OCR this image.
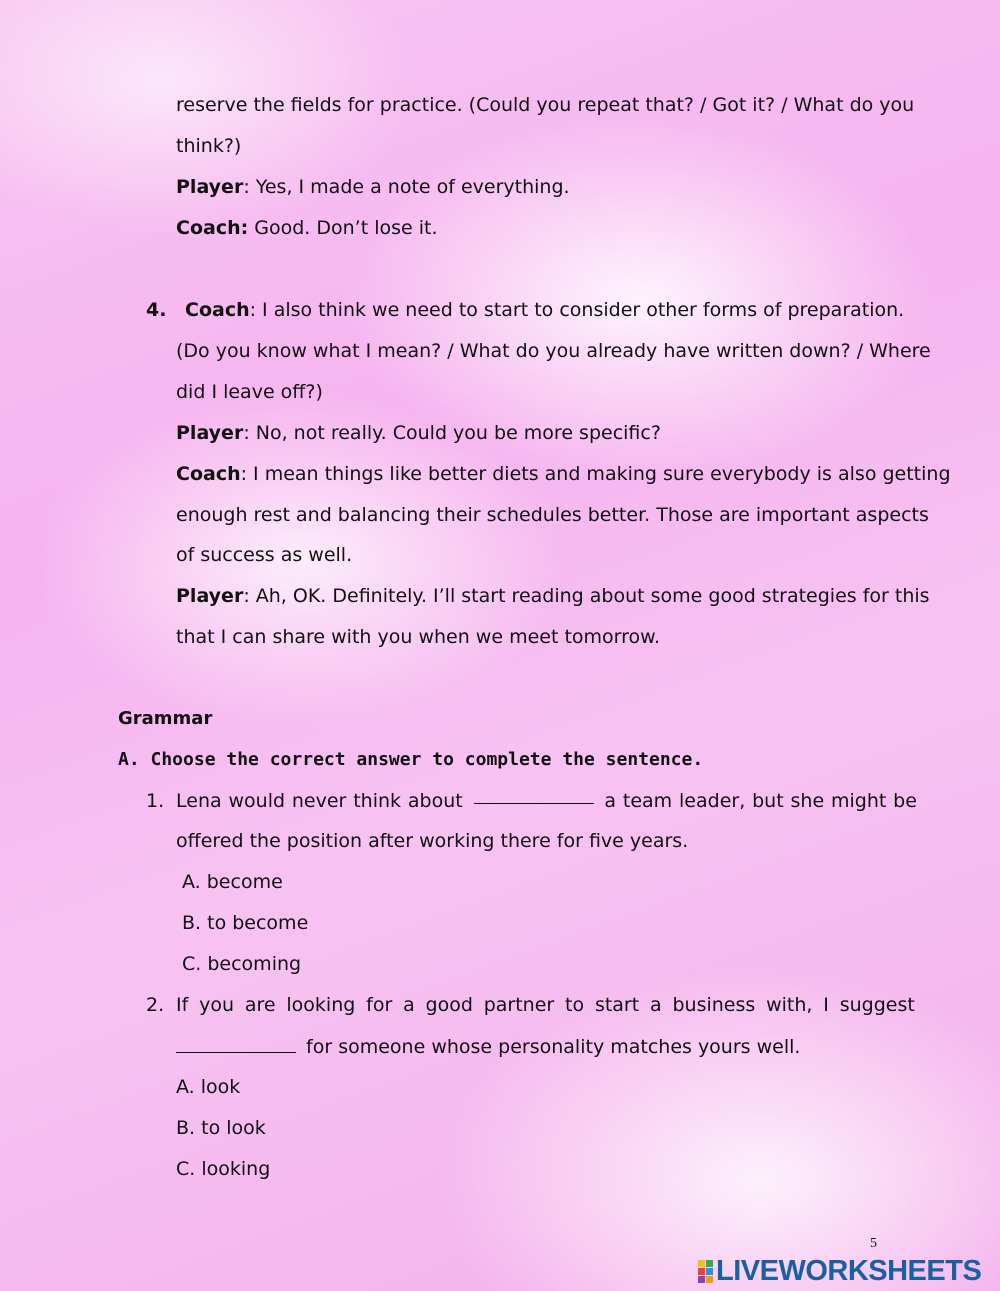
reserve the fields for practice. (Could you repeat that? / Got it? / What do you
think?)
Player: Yes, I made a note of everything.
Coach: Good. Don’t lose it.
4. Coach: I also think we need to start to consider other forms of preparation.
(Do you know what I mean? / What do you already have written down? / Where
did I leave off?)
Player: No, not really. Could you be more specific?
Coach: I mean things like better diets and making sure everybody is also getting
enough rest and balancing their schedules better. Those are important aspects
of success as well.
Player: Ah, OK. Definitely. I’ll start reading about some good strategies for this
that I can share with you when we meet tomorrow.
Grammar
A. Choose the correct answer to complete the sentence.
1. Lena would never think about	a team leader, but she might be
offered the position after working there for five years.
A. become
B. to become
C. becoming
2. If you are looking for a good partner to start a business with, I suggest
for someone whose personality matches yours well.
A. look
B. to look
C. looking
5
LIVEWORKSHEETS
